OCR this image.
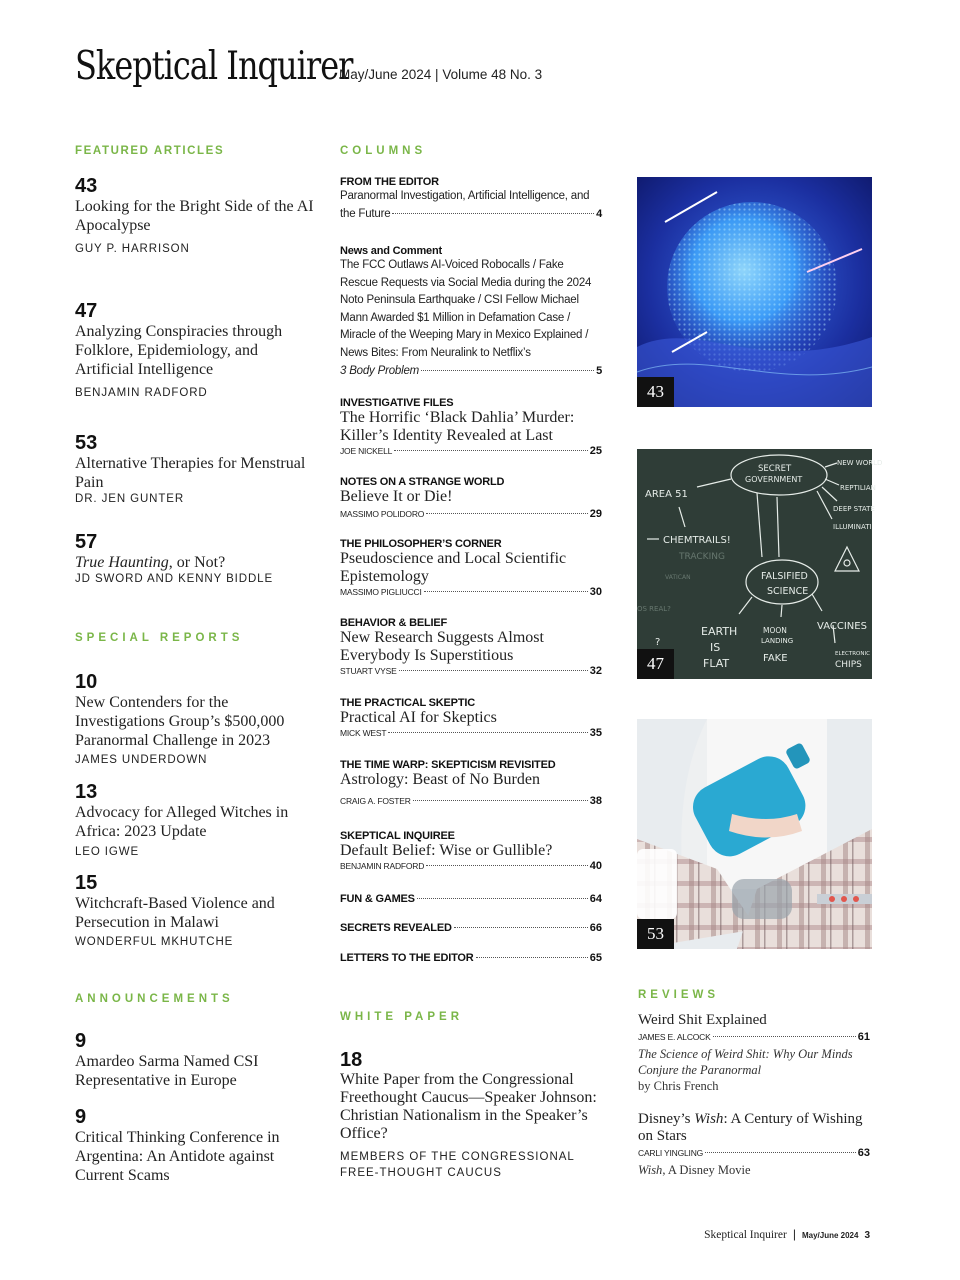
Skeptical Inquirer
May/June 2024 | Volume 48 No. 3
FEATURED ARTICLES
43
Looking for the Bright Side of the AI Apocalypse
GUY P. HARRISON
47
Analyzing Conspiracies through Folklore, Epidemiology, and Artificial Intelligence
BENJAMIN RADFORD
53
Alternative Therapies for Menstrual Pain
DR. JEN GUNTER
57
True Haunting, or Not?
JD SWORD AND KENNY BIDDLE
SPECIAL REPORTS
10
New Contenders for the Investigations Group’s $500,000 Paranormal Challenge in 2023
JAMES UNDERDOWN
13
Advocacy for Alleged Witches in Africa: 2023 Update
LEO IGWE
15
Witchcraft-Based Violence and Persecution in Malawi
WONDERFUL MKHUTCHE
ANNOUNCEMENTS
9
Amardeo Sarma Named CSI Representative in Europe
9
Critical Thinking Conference in Argentina: An Antidote against Current Scams
COLUMNS
FROM THE EDITOR
Paranormal Investigation, Artificial Intelligence, and
the Future	4
News and Comment
The FCC Outlaws AI-Voiced Robocalls / Fake Rescue Requests via Social Media during the 2024 Noto Peninsula Earthquake / CSI Fellow Michael Mann Awarded $1 Million in Defamation Case / Miracle of the Weeping Mary in Mexico Explained / News Bites: From Neuralink to Netflix’s
3 Body Problem	5
INVESTIGATIVE FILES
The Horrific ‘Black Dahlia’ Murder: Killer’s Identity Revealed at Last
JOE NICKELL	25
NOTES ON A STRANGE WORLD
Believe It or Die!
MASSIMO POLIDORO	29
THE PHILOSOPHER’S CORNER
Pseudoscience and Local Scientific Epistemology
MASSIMO PIGLIUCCI	30
BEHAVIOR & BELIEF
New Research Suggests Almost Everybody Is Superstitious
STUART VYSE	32
THE PRACTICAL SKEPTIC
Practical AI for Skeptics
MICK WEST	35
THE TIME WARP: SKEPTICISM REVISITED
Astrology: Beast of No Burden
CRAIG A. FOSTER	38
SKEPTICAL INQUIREE
Default Belief: Wise or Gullible?
BENJAMIN RADFORD	40
FUN & GAMES	64
SECRETS REVEALED	66
LETTERS TO THE EDITOR	65
WHITE PAPER
18
White Paper from the Congressional Freethought Caucus—Speaker Johnson: Christian Nationalism in the Speaker’s Office?
MEMBERS OF THE CONGRESSIONAL FREE-THOUGHT CAUCUS
43
SECRET
GOVERNMENT
AREA 51
CHEMTRAILS!
FALSIFIED
SCIENCE
EARTH
IS
FLAT
MOON
LANDING
FAKE
VACCINES
ELECTRONIC
CHIPS
NEW WORLD
REPTILIAN
DEEP STATE
ILLUMINATI
?
TRACKING
VATICAN
OS REAL?
47
53
REVIEWS
Weird Shit Explained
JAMES E. ALCOCK	61
The Science of Weird Shit: Why Our Minds Conjure the Paranormal
by Chris French
Disney’s Wish: A Century of Wishing on Stars
CARLI YINGLING	63
Wish, A Disney Movie
Skeptical Inquirer | May/June 2024 3
